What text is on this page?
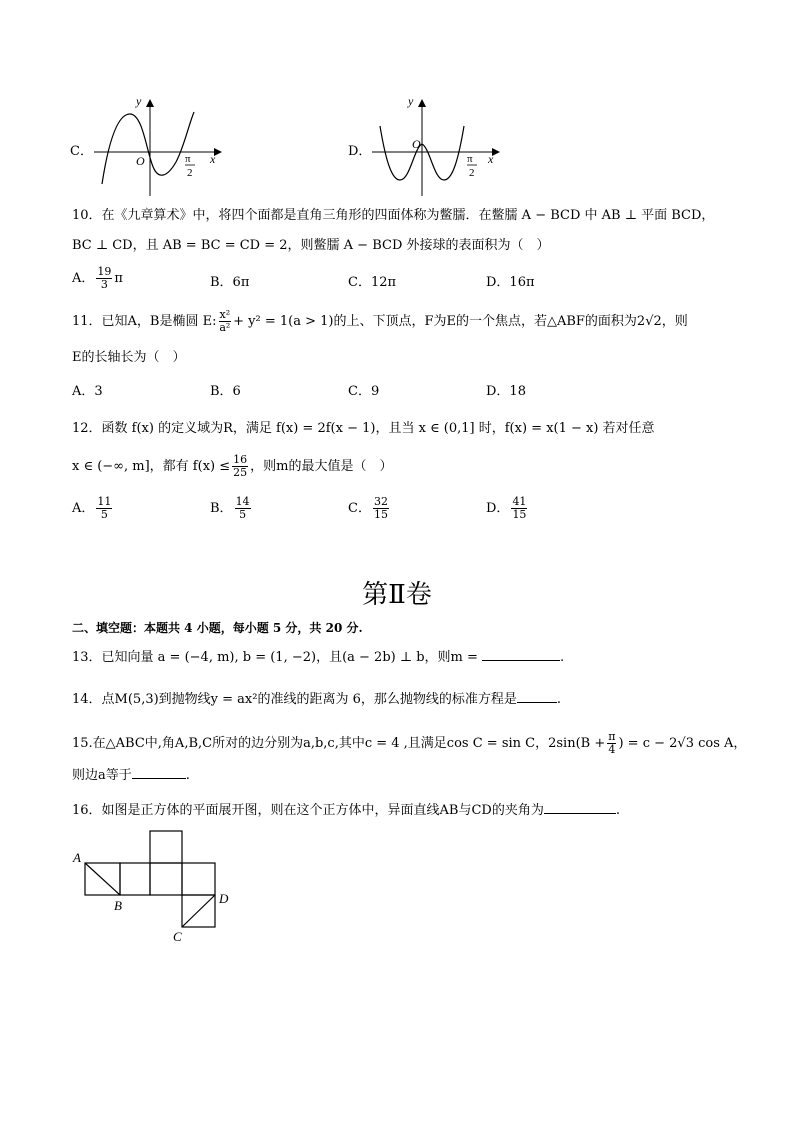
C．
y
x
O	π
2
D．
y
x
O
π
2
10．在《九章算术》中，将四个面都是直角三角形的四面体称为鳖臑．在鳖臑 A − BCD 中 AB ⊥ 平面 BCD，
BC ⊥ CD，且 AB = BC = CD = 2，则鳖臑 A − BCD 外接球的表面积为（　）
A． $\frac{19}{3}$ π	B．6π	C．12π	D．16π
11．已知A，B是椭圆 E: $\frac{\text{x²}}{\text{a²}} + y^2 = 1(a > 1)$的上、下顶点，F为E的一个焦点，若△ABF的面积为2√2，则
E的长轴长为（　）
A．3	B．6	C．9	D．18
12．函数 f(x) 的定义域为R，满足 f(x) = 2f(x − 1)，且当 x ∈ (0,1] 时，f(x) = x(1 − x) 若对任意
x ∈ (−∞, m]，都有 $f(x) \le \frac{16}{25}$ ，则m的最大值是（　）
A． $\frac{11}{5}$	B． $\frac{14}{5}$	C． $\frac{32}{15}$	D． $\frac{41}{15}$
第Ⅱ卷
二、填空题：本题共 4 小题，每小题 5 分，共 20 分.
13．已知向量 a = (−4, m), b = (1, −2)，且(a − 2b) ⊥ b，则m =	.
14．点M(5,3)到抛物线y = ax²的准线的距离为 6，那么抛物线的标准方程是	.
15.在△ABC中,角A,B,C所对的边分别为a,b,c,其中c = 4 ,且满足cos C = sin C，$2\sin(B + \frac{\pi}{4}$ ) = c − 2√3 cos A，
则边a等于	.
16．如图是正方体的平面展开图，则在这个正方体中，异面直线AB与CD的夹角为	.
A
B
C
D
